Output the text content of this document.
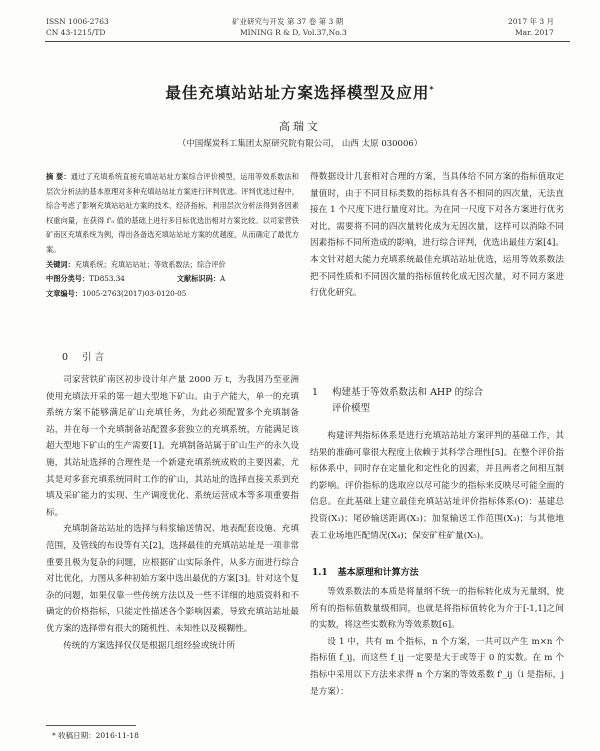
ISSN 1006-2763
CN 43-1215/TD
矿业研究与开发 第 37 卷 第 3 期
MINING R & D, Vol.37,No.3
2017 年 3 月
Mar. 2017
最佳充填站站址方案选择模型及应用*
高瑞文
（中国煤炭科工集团太原研究院有限公司， 山西 太原 030006）

摘 要：通过了充填系统直接充填站站址方案综合评价模型，运用等效系数法和层次分析法的基本原理对多种充填站站址方案进行评判优选。评判优选过程中，综合考虑了影响充填站站址方案的技术、经济指标，利用层次分析法得到各因素权重向量，在获得 f'₀ 值的基础上进行多目标优选出相对方案比较。以司家营铁矿南区充填系统为例，得出各备选充填站站址方案的优越度，从而确定了最优方案。

关键词：充填系统；充填站站址；等效系数法；综合评价

中图分类号：TD853.34	文献标识码：A

文章编号：1005-2763(2017)03-0120-05

得数据设计几套相对合理的方案，当具体给不同方案的指标值取定量值时，由于不同目标类数的指标具有各不相同的四次量，无法直接在 1 个尺度下进行量度对比。为在同一尺度下对各方案进行优劣对比，需要将不同的四次量转化成为无因次量，这样可以消除不同因素指标不同所造成的影响，进行综合评判，优选出最佳方案[4]。本文针对超大能力充填系统最佳充填站站址优选，运用等效系数法把不同性质和不同因次量的指标值转化成无因次量，对不同方案进行优化研究。

0 引 言

司家营铁矿南区初步设计年产量 2000 万 t，为我国乃至亚洲使用充填法开采的第一超大型地下矿山。由于产能大，单一的充填系统方案不能够满足矿山充填任务，为此必须配置多个充填制备站，并在每一个充填制备站配置多套独立的充填系统，方能满足该超大型地下矿山的生产需要[1]。充填制备站属于矿山生产的永久设施，其站址选择的合理性是一个新建充填系统成败的主要因素，尤其是对多套充填系统同时工作的矿山，其站址的选择直接关系到充填及采矿能力的实现、生产调度优化、系统运营成本等多项重要指标。

充填制备站站址的选择与料浆输送情况、地表配套设施、充填范围，及管线的布设等有关[2]，选择最佳的充填站站址是一项非常重要且极为复杂的问题，应根据矿山实际条件，从多方面进行综合对比优化，力图从多种初始方案中选出最优的方案[3]。针对这个复杂的问题，如果仅靠一些传统方法以及一些不详细的地质资料和不确定的价格指标，只能定性描述各个影响因素，导致充填站站址最优方案的选择带有很大的随机性、未知性以及模糊性。

传统的方案选择仅仅是根据几组经验或统计所

1 构建基于等效系数法和 AHP 的综合
评价模型

构建评判指标体系是进行充填站站址方案评判的基础工作，其结果的准确可靠很大程度上依赖于其科学合理性[5]。在整个评价指标体系中，同时存在定量化和定性化的因素，并且两者之间相互制约影响。评价指标的选取应以尽可能少的指标来反映尽可能全面的信息。在此基础上建立最佳充填站站址评价指标体系(O)：基建总投资(X₁)；尾砂输送距离(X₂)；加泵输送工作范围(X₃)；与其他地表工业场地匹配情况(X₄)；保安矿柱矿量(X₅)。

1.1 基本原理和计算方法

等效系数法的本质是将量纲不统一的指标转化成为无量纲，使所有的指标值数量级相同，也就是将指标值转化为介于[-1,1]之间的实数，将这些实数称为等效系数[6]。

设 1 中，共有 m 个指标，n 个方案，一共可以产生 m×n 个指标值 f_ij，而这些 f_ij 一定要是大于或等于 0 的实数。在 m 个指标中采用以下方法来求得 n 个方案的等效系数 f'_ij（i 是指标，j 是方案）：

* 收稿日期：2016-11-18
